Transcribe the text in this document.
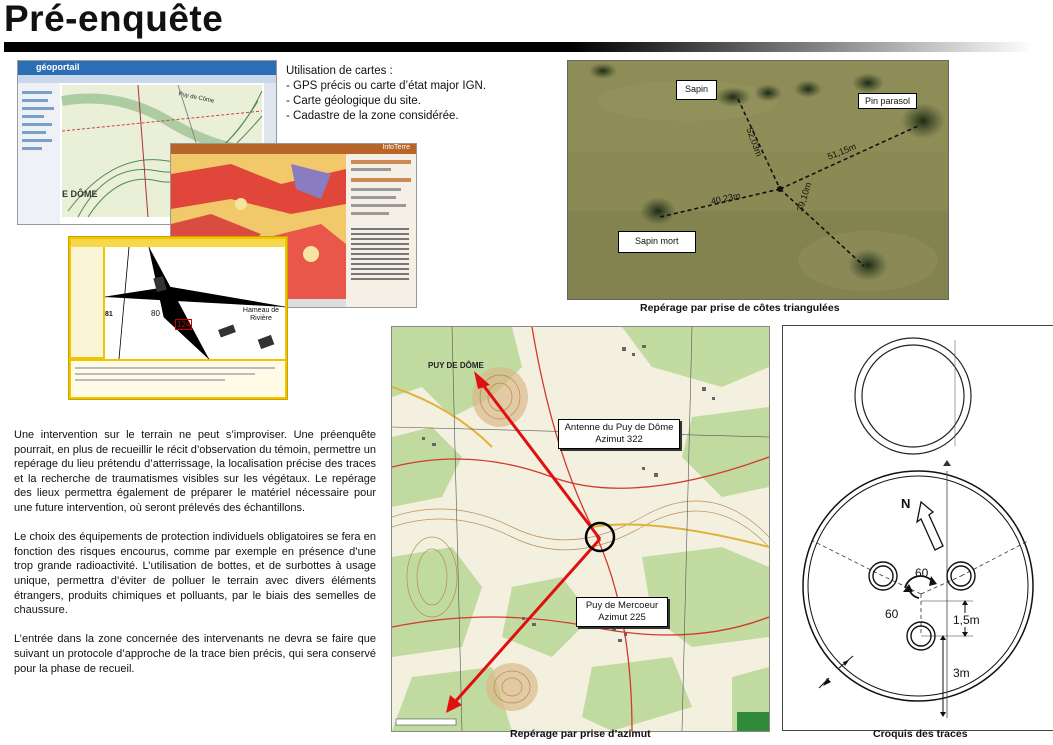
Pré-enquête
géoportail
Puy de Côme
E DÔME
InfoTerre
80
124
81
Hameau de Rivière
Utilisation de cartes :
- GPS précis ou carte d’état major IGN.
- Carte géologique du site.
- Cadastre de la zone considérée.
52,03m	51,15m
40,23m	39,10m
Sapin
Pin parasol
Sapin mort
Repérage par prise de côtes triangulées

Une intervention sur le terrain ne peut s’improviser. Une préenquête pourrait, en plus de recueillir le récit d’observation du témoin, permettre un repérage du lieu prétendu d’atterrissage, la localisation précise des traces et la recherche de traumatismes visibles sur les végétaux. Le repérage des lieux permettra également de préparer le matériel nécessaire pour une future intervention, où seront prélevés des échantillons.

Le choix des équipements de protection individuels obligatoires se fera en fonction des risques encourus, comme par exemple en présence d’une trop grande radioactivité. L’utilisation de bottes, et de surbottes à usage unique, permettra d’éviter de polluer le terrain avec divers éléments étrangers, produits chimiques et polluants, par le biais des semelles de chaussure.

L’entrée dans la zone concernée des intervenants ne devra se faire que suivant un protocole d’approche de la trace bien précis, qui sera conservé pour la phase de recueil.

PUY DE DÔME
Antenne du Puy de Dôme
Azimut 322
Puy de Mercoeur
Azimut 225
Repérage par prise d’azimut
N
60
60	1,5m
3m
Croquis des traces
